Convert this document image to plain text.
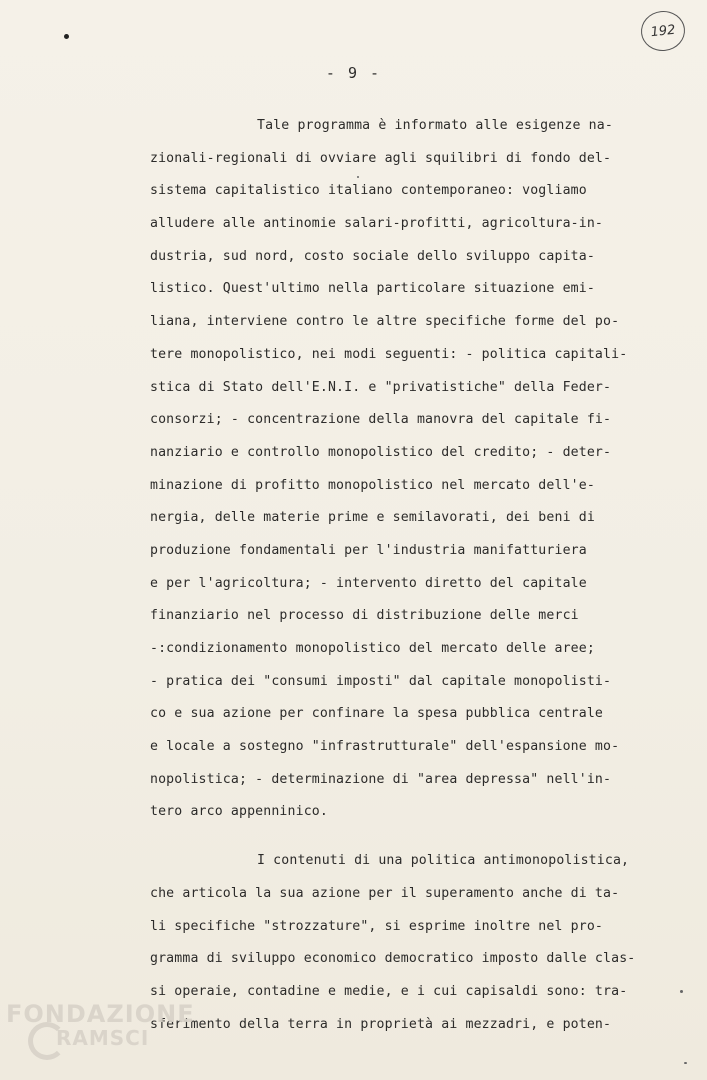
192
- 9 -
Tale programma è informato alle esigenze na-
zionali-regionali di ovviare agli squilibri di fondo del-
sistema capitalistico italiano contemporaneo: vogliamo
alludere alle antinomie salari-profitti, agricoltura-in-
dustria, sud nord, costo sociale dello sviluppo capita-
listico. Quest'ultimo nella particolare situazione emi-
liana, interviene contro le altre specifiche forme del po-
tere monopolistico, nei modi seguenti: - politica capitali-
stica di Stato dell'E.N.I. e "privatistiche" della Feder-
consorzi; - concentrazione della manovra del capitale fi-
nanziario e controllo monopolistico del credito; - deter-
minazione di profitto monopolistico nel mercato dell'e-
nergia, delle materie prime e semilavorati, dei beni di
produzione fondamentali per l'industria manifatturiera
e per l'agricoltura; - intervento diretto del capitale
finanziario nel processo di distribuzione delle merci
-:condizionamento monopolistico del mercato delle aree;
- pratica dei "consumi imposti" dal capitale monopolisti-
co e sua azione per confinare la spesa pubblica centrale
e locale a sostegno "infrastrutturale" dell'espansione mo-
nopolistica; - determinazione di "area depressa" nell'in-
tero arco appenninico.
I contenuti di una politica antimonopolistica,
che articola la sua azione per il superamento anche di ta-
li specifiche "strozzature", si esprime inoltre nel pro-
gramma di sviluppo economico democratico imposto dalle clas-
si operaie, contadine e medie, e i cui capisaldi sono: tra-
sferimento della terra in proprietà ai mezzadri, e poten-
FONDAZIONE
RAMSCI
